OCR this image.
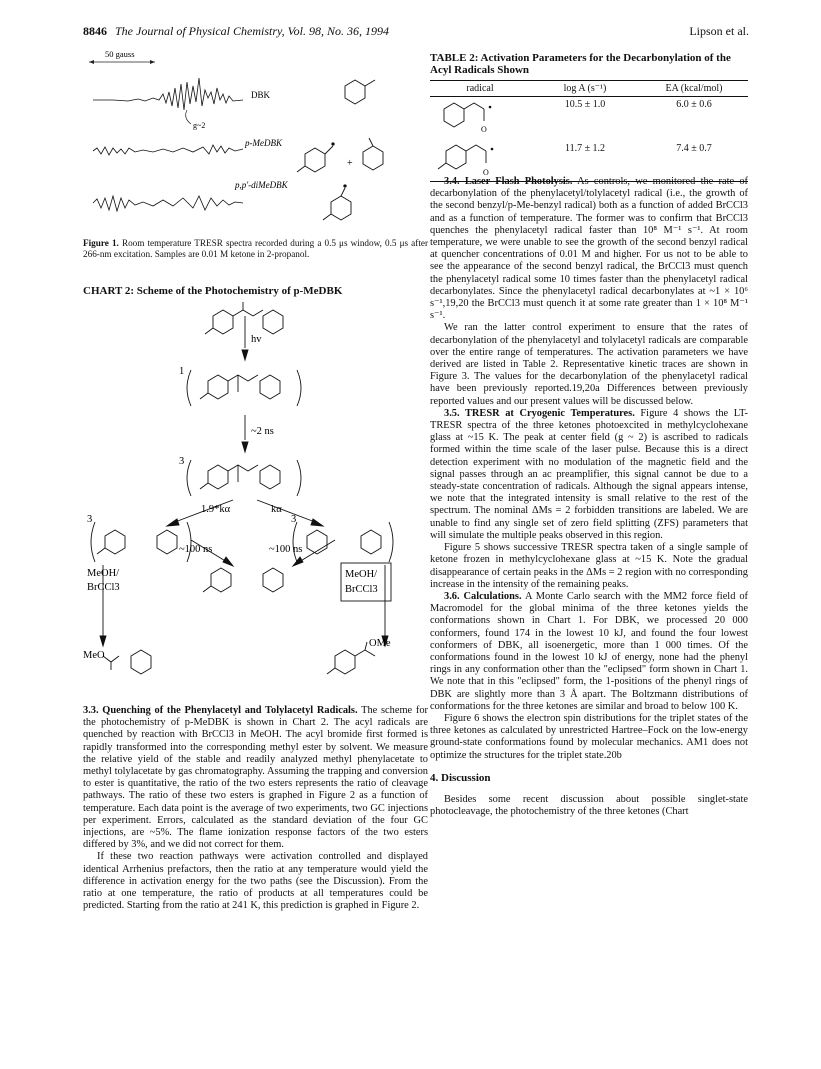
8846 The Journal of Physical Chemistry, Vol. 98, No. 36, 1994	Lipson et al.
50 gauss
DBK
g~2
p-MeDBK
p,p'-diMeDBK
+
Figure 1. Room temperature TRESR spectra recorded during a 0.5 μs window, 0.5 μs after 266-nm excitation. Samples are 0.01 M ketone in 2-propanol.
CHART 2: Scheme of the Photochemistry of p-MeDBK
hv
1
~2 ns
3
1.9*kα	kα
3	3
~100 ns	~100 ns
MeOH/
BrCCl3
MeOH/
BrCCl3
MeO
OMe

3.3. Quenching of the Phenylacetyl and Tolylacetyl Radicals. The scheme for the photochemistry of p-MeDBK is shown in Chart 2. The acyl radicals are quenched by reaction with BrCCl3 in MeOH. The acyl bromide first formed is rapidly transformed into the corresponding methyl ester by solvent. We measure the relative yield of the stable and readily analyzed methyl phenylacetate to methyl tolylacetate by gas chromatography. Assuming the trapping and conversion to ester is quantitative, the ratio of the two esters represents the ratio of cleavage pathways. The ratio of these two esters is graphed in Figure 2 as a function of temperature. Each data point is the average of two experiments, two GC injections per experiment. Errors, calculated as the standard deviation of the four GC injections, are ~5%. The flame ionization response factors of the two esters differed by 3%, and we did not correct for them.

If these two reaction pathways were activation controlled and displayed identical Arrhenius prefactors, then the ratio at any temperature would yield the difference in activation energy for the two paths (see the Discussion). From the ratio at one temperature, the ratio of products at all temperatures could be predicted. Starting from the ratio at 241 K, this prediction is graphed in Figure 2.

TABLE 2: Activation Parameters for the Decarbonylation of the Acyl Radicals Shown
radical	log A (s⁻¹)	EA (kcal/mol)
O
10.5 ± 1.0	6.0 ± 0.6
O
11.7 ± 1.2	7.4 ± 0.7

3.4. Laser Flash Photolysis. As controls, we monitored the rate of decarbonylation of the phenylacetyl/tolylacetyl radical (i.e., the growth of the second benzyl/p-Me-benzyl radical) both as a function of added BrCCl3 and as a function of temperature. The former was to confirm that BrCCl3 quenches the phenylacetyl radical faster than 10⁸ M⁻¹ s⁻¹. At room temperature, we were unable to see the growth of the second benzyl radical at quencher concentrations of 0.01 M and higher. For us not to be able to see the appearance of the second benzyl radical, the BrCCl3 must quench the phenylacetyl radical some 10 times faster than the phenylacetyl radical decarbonylates. Since the phenylacetyl radical decarbonylates at ~1 × 10⁶ s⁻¹,19,20 the BrCCl3 must quench it at some rate greater than 1 × 10⁸ M⁻¹ s⁻¹.

We ran the latter control experiment to ensure that the rates of decarbonylation of the phenylacetyl and tolylacetyl radicals are comparable over the entire range of temperatures. The activation parameters we have derived are listed in Table 2. Representative kinetic traces are shown in Figure 3. The values for the decarbonylation of the phenylacetyl radical have been previously reported.19,20a Differences between previously reported values and our present values will be discussed below.

3.5. TRESR at Cryogenic Temperatures. Figure 4 shows the LT-TRESR spectra of the three ketones photoexcited in methylcyclohexane glass at ~15 K. The peak at center field (g ~ 2) is ascribed to radicals formed within the time scale of the laser pulse. Because this is a direct detection experiment with no modulation of the magnetic field and the signal passes through an ac preamplifier, this signal cannot be due to a steady-state concentration of radicals. Although the signal appears intense, we note that the integrated intensity is small relative to the rest of the spectrum. The nominal ΔMs = 2 forbidden transitions are labeled. We are unable to find any single set of zero field splitting (ZFS) parameters that will simulate the multiple peaks observed in this region.

Figure 5 shows successive TRESR spectra taken of a single sample of ketone frozen in methylcyclohexane glass at ~15 K. Note the gradual disappearance of certain peaks in the ΔMs = 2 region with no corresponding increase in the intensity of the remaining peaks.

3.6. Calculations. A Monte Carlo search with the MM2 force field of Macromodel for the global minima of the three ketones yields the conformations shown in Chart 1. For DBK, we processed 20 000 conformers, found 174 in the lowest 10 kJ, and found the four lowest conformers of DBK, all isoenergetic, more than 1 000 times. Of the conformations found in the lowest 10 kJ of energy, none had the phenyl rings in any conformation other than the "eclipsed" form shown in Chart 1. We note that in this "eclipsed" form, the 1-positions of the phenyl rings of DBK are slightly more than 3 Å apart. The Boltzmann distributions of conformations for the three ketones are similar and broad to below 100 K.

Figure 6 shows the electron spin distributions for the triplet states of the three ketones as calculated by unrestricted Hartree–Fock on the low-energy ground-state conformations found by molecular mechanics. AM1 does not optimize the structures for the triplet state.20b

4. Discussion

Besides some recent discussion about possible singlet-state photocleavage, the photochemistry of the three ketones (Chart
